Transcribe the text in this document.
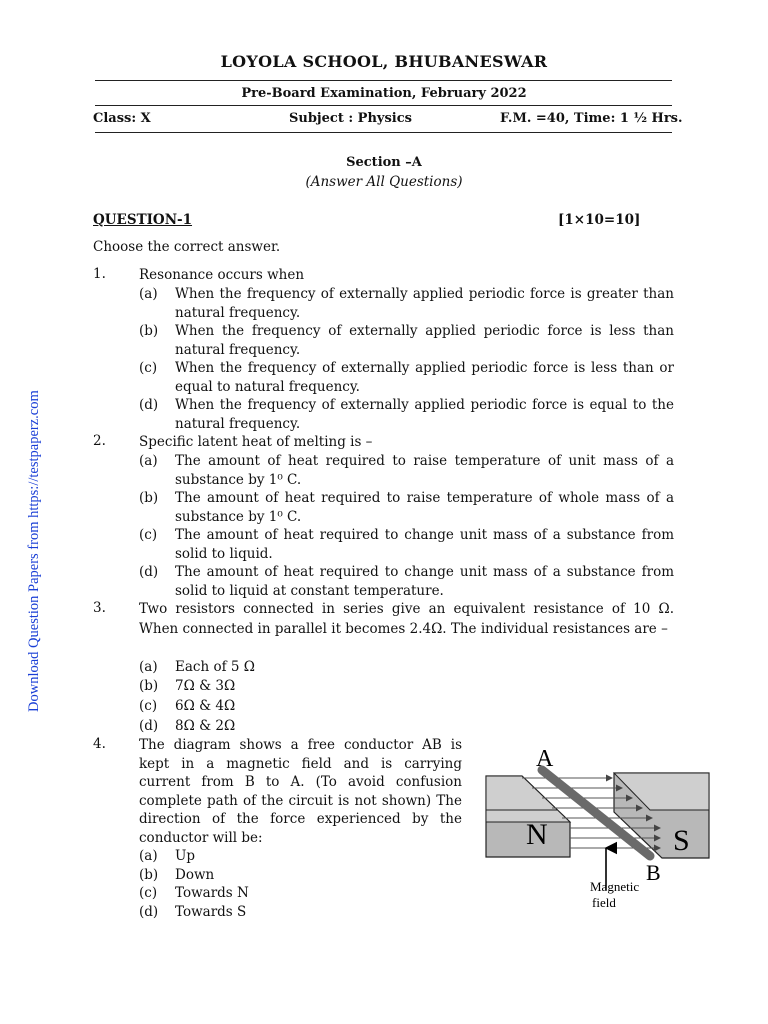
LOYOLA SCHOOL, BHUBANESWAR
Pre-Board Examination, February 2022
Class: X	Subject : Physics	F.M. =40, Time: 1 ½ Hrs.
Section –A
(Answer All Questions)
QUESTION-1	[1×10=10]
Choose the correct answer.
1. Resonance occurs when
(a) When the frequency of externally applied periodic force is greater than natural frequency.
(b) When the frequency of externally applied periodic force is less than natural frequency.
(c) When the frequency of externally applied periodic force is less than or equal to natural frequency.
(d) When the frequency of externally applied periodic force is equal to the natural frequency.
2. Specific latent heat of melting is –
(a) The amount of heat required to raise temperature of unit mass of a substance by 1⁰ C.
(b) The amount of heat required to raise temperature of whole mass of a substance by 1⁰ C.
(c) The amount of heat required to change unit mass of a substance from solid to liquid.
(d) The amount of heat required to change unit mass of a substance from solid to liquid at constant temperature.
3. Two resistors connected in series give an equivalent resistance of 10 Ω. When connected in parallel it becomes 2.4Ω. The individual resistances are –
(a) Each of 5 Ω
(b) 7Ω & 3Ω
(c) 6Ω & 4Ω
(d) 8Ω & 2Ω
4. The diagram shows a free conductor AB is kept in a magnetic field and is carrying current from B to A. (To avoid confusion complete path of the circuit is not shown) The direction of the force experienced by the conductor will be:
(a) Up
(b) Down
(c) Towards N
(d) Towards S
A
B
N	S
Magnetic
field
Download Question Papers from https://testpaperz.com
